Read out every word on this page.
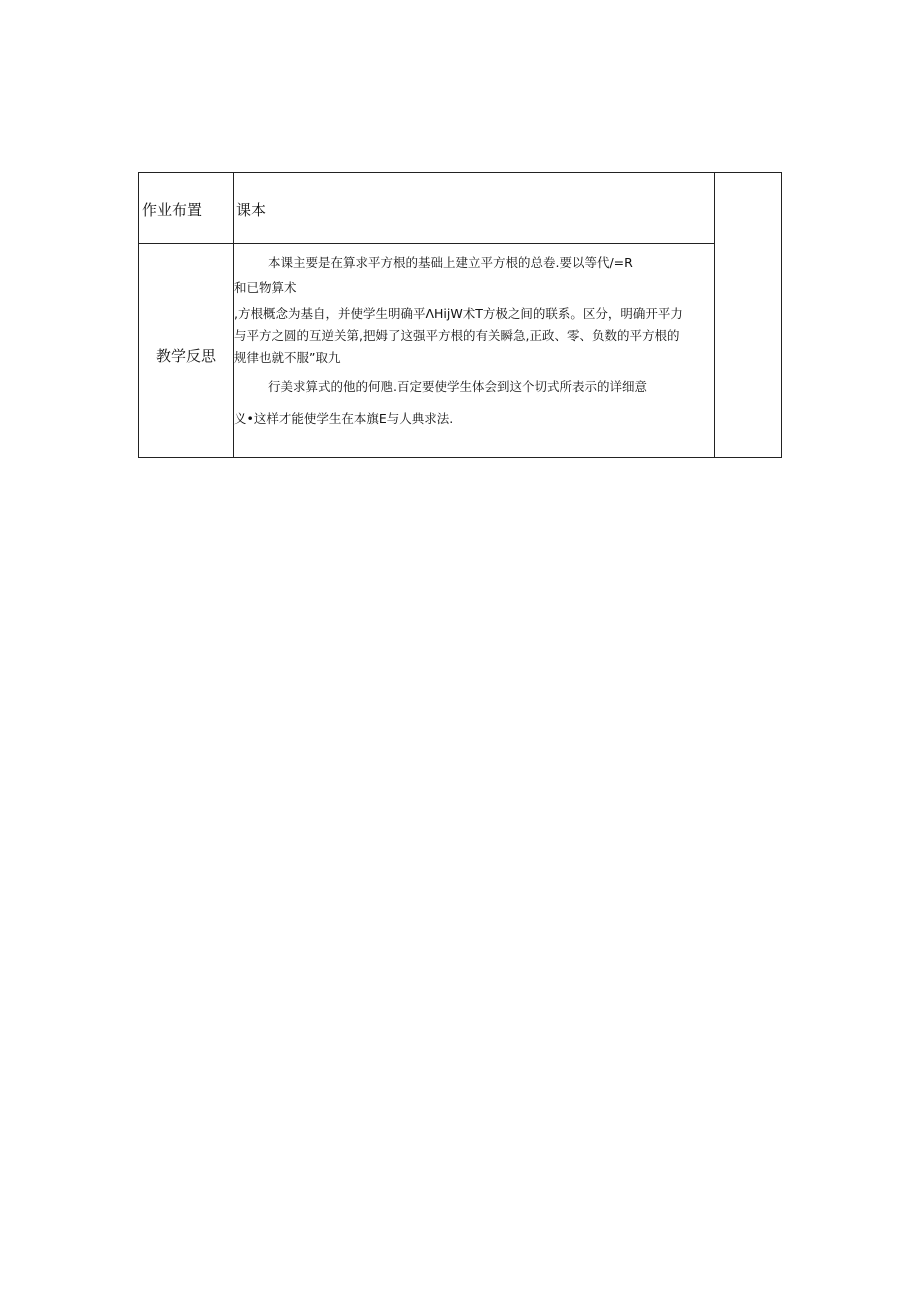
作业布置 课本
教学反思
本课主要是在算求平方根的基础上建立平方根的总卷.要以等代/=R
和已物算术
,方根概念为基自，并使学生明确平ΛHijW术T方极之间的联系。区分，明确开平力
与平方之圆的互逆关第,把姆了这强平方根的有关瞬急,正政、零、负数的平方根的
规律也就不服”取九
行美求算式的他的何虺.百定要使学生体会到这个切式所表示的详细意
义•这样才能使学生在本旗E与人典求法.
